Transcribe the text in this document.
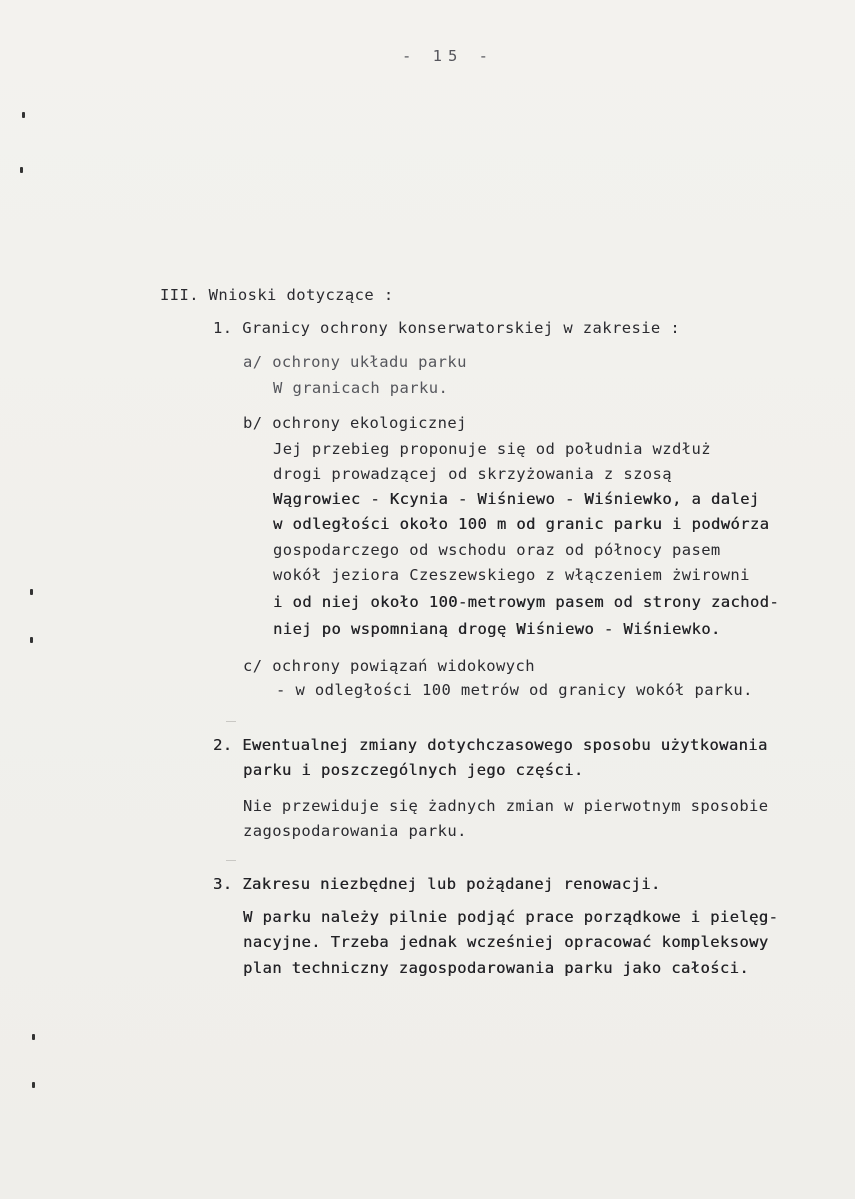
- 15 -
III. Wnioski dotyczące :
1. Granicy ochrony konserwatorskiej w zakresie :
a/ ochrony układu parku
W granicach parku.
b/ ochrony ekologicznej
Jej przebieg proponuje się od południa wzdłuż
drogi prowadzącej od skrzyżowania z szosą
Wągrowiec - Kcynia - Wiśniewo - Wiśniewko, a dalej
w odległości około 100 m od granic parku i podwórza
gospodarczego od wschodu oraz od północy pasem
wokół jeziora Czeszewskiego z włączeniem żwirowni
i od niej około 100-metrowym pasem od strony zachod-
niej po wspomnianą drogę Wiśniewo - Wiśniewko.
c/ ochrony powiązań widokowych
- w odległości 100 metrów od granicy wokół parku.
2. Ewentualnej zmiany dotychczasowego sposobu użytkowania
parku i poszczególnych jego części.
Nie przewiduje się żadnych zmian w pierwotnym sposobie
zagospodarowania parku.
3. Zakresu niezbędnej lub pożądanej renowacji.
W parku należy pilnie podjąć prace porządkowe i pielęg-
nacyjne. Trzeba jednak wcześniej opracować kompleksowy
plan techniczny zagospodarowania parku jako całości.
